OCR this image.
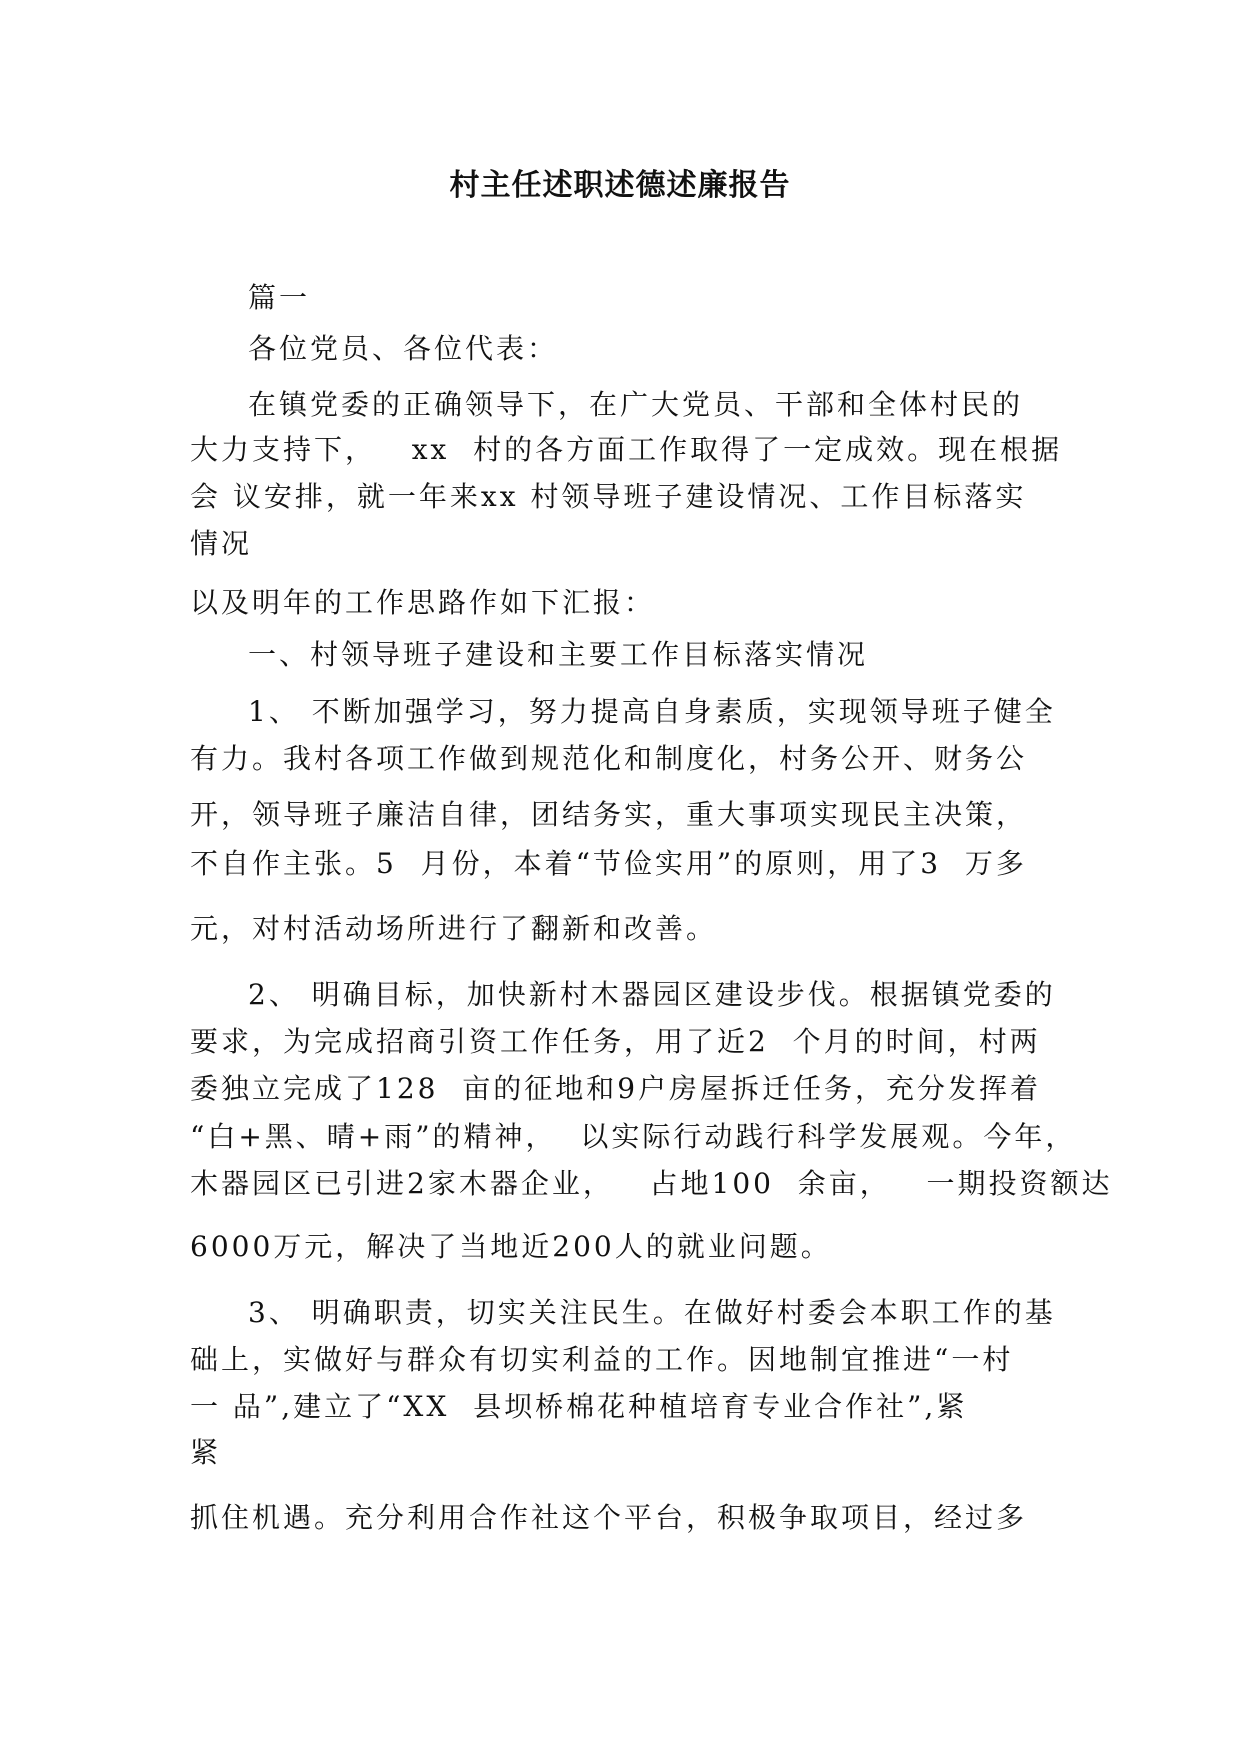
村主任述职述德述廉报告
篇一
各位党员、各位代表：
在镇党委的正确领导下，在广大党员、干部和全体村民的
大力支持下，   xx  村的各方面工作取得了一定成效。现在根据
会 议安排，就一年来xx 村领导班子建设情况、工作目标落实
情况
以及明年的工作思路作如下汇报：
一、村领导班子建设和主要工作目标落实情况
1、 不断加强学习，努力提高自身素质，实现领导班子健全
有力。我村各项工作做到规范化和制度化，村务公开、财务公
开，领导班子廉洁自律，团结务实，重大事项实现民主决策，
不自作主张。5  月份，本着“节俭实用”的原则，用了3  万多
元，对村活动场所进行了翻新和改善。
2、 明确目标，加快新村木器园区建设步伐。根据镇党委的
要求，为完成招商引资工作任务，用了近2  个月的时间，村两
委独立完成了128  亩的征地和9户房屋拆迁任务，充分发挥着
“白+黑、晴+雨”的精神，  以实际行动践行科学发展观。今年，
木器园区已引进2家木器企业，   占地100  余亩，   一期投资额达
6000万元，解决了当地近200人的就业问题。
3、 明确职责，切实关注民生。在做好村委会本职工作的基
础上，实做好与群众有切实利益的工作。因地制宜推进“一村
一 品”,建立了“XX  县坝桥棉花种植培育专业合作社”,紧
紧
抓住机遇。充分利用合作社这个平台，积极争取项目，经过多
